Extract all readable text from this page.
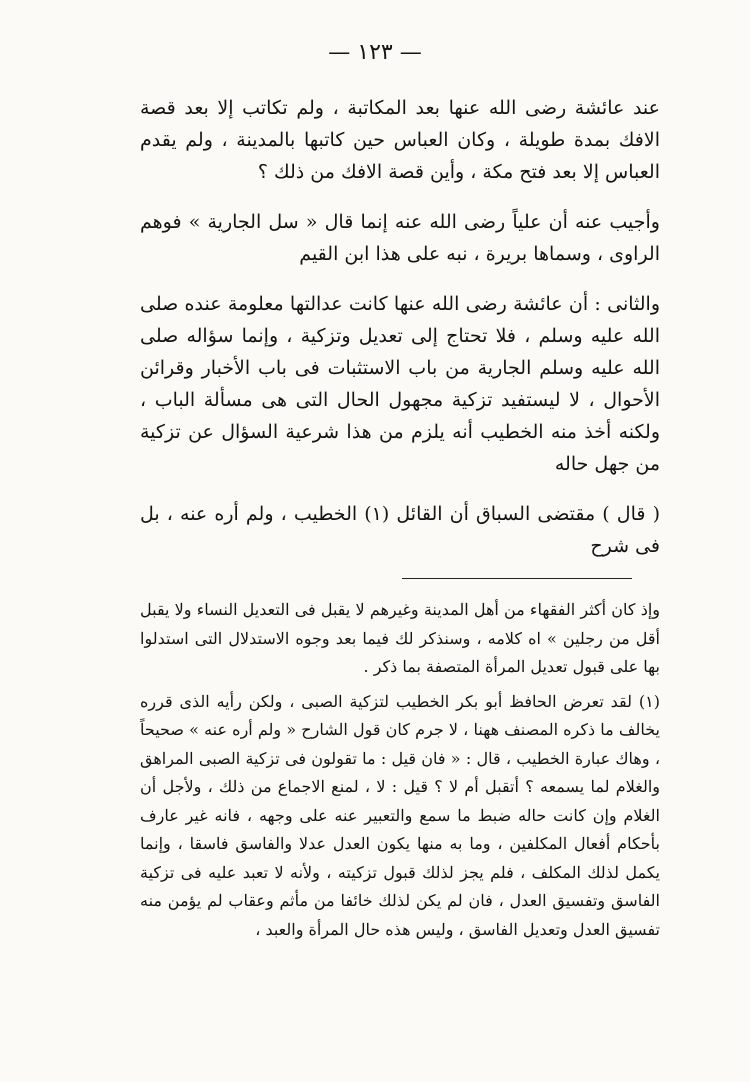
— ١٢٣ —

عند عائشة رضى الله عنها بعد المكاتبة ، ولم تكاتب إلا بعد قصة الافك بمدة طويلة ، وكان العباس حين كاتبها بالمدينة ، ولم يقدم العباس إلا بعد فتح مكة ، وأين قصة الافك من ذلك ؟

وأجيب عنه أن علياً رضى الله عنه إنما قال « سل الجارية » فوهم الراوى ، وسماها بريرة ، نبه على هذا ابن القيم

والثانى : أن عائشة رضى الله عنها كانت عدالتها معلومة عنده صلى الله عليه وسلم ، فلا تحتاج إلى تعديل وتزكية ، وإنما سؤاله صلى الله عليه وسلم الجارية من باب الاستثبات فى باب الأخبار وقرائن الأحوال ، لا ليستفيد تزكية مجهول الحال التى هى مسألة الباب ، ولكنه أخذ منه الخطيب أنه يلزم من هذا شرعية السؤال عن تزكية من جهل حاله

( قال ) مقتضى السباق أن القائل (١) الخطيب ، ولم أره عنه ، بل فى شرح

وإذ كان أكثر الفقهاء من أهل المدينة وغيرهم لا يقبل فى التعديل النساء ولا يقبل أقل من رجلين » اه كلامه ، وسنذكر لك فيما بعد وجوه الاستدلال التى استدلوا بها على قبول تعديل المرأة المتصفة بما ذكر .

(١) لقد تعرض الحافظ أبو بكر الخطيب لتزكية الصبى ، ولكن رأيه الذى قرره يخالف ما ذكره المصنف ههنا ، لا جرم كان قول الشارح « ولم أره عنه » صحيحاً ، وهاك عبارة الخطيب ، قال : « فان قيل : ما تقولون فى تزكية الصبى المراهق والغلام لما يسمعه ؟ أتقبل أم لا ؟ قيل : لا ، لمنع الاجماع من ذلك ، ولأجل أن الغلام وإن كانت حاله ضبط ما سمع والتعبير عنه على وجهه ، فانه غير عارف بأحكام أفعال المكلفين ، وما به منها يكون العدل عدلا والفاسق فاسقا ، وإنما يكمل لذلك المكلف ، فلم يجز لذلك قبول تزكيته ، ولأنه لا تعبد عليه فى تزكية الفاسق وتفسيق العدل ، فان لم يكن لذلك خائفا من مأثم وعقاب لم يؤمن منه تفسيق العدل وتعديل الفاسق ، وليس هذه حال المرأة والعبد ،
